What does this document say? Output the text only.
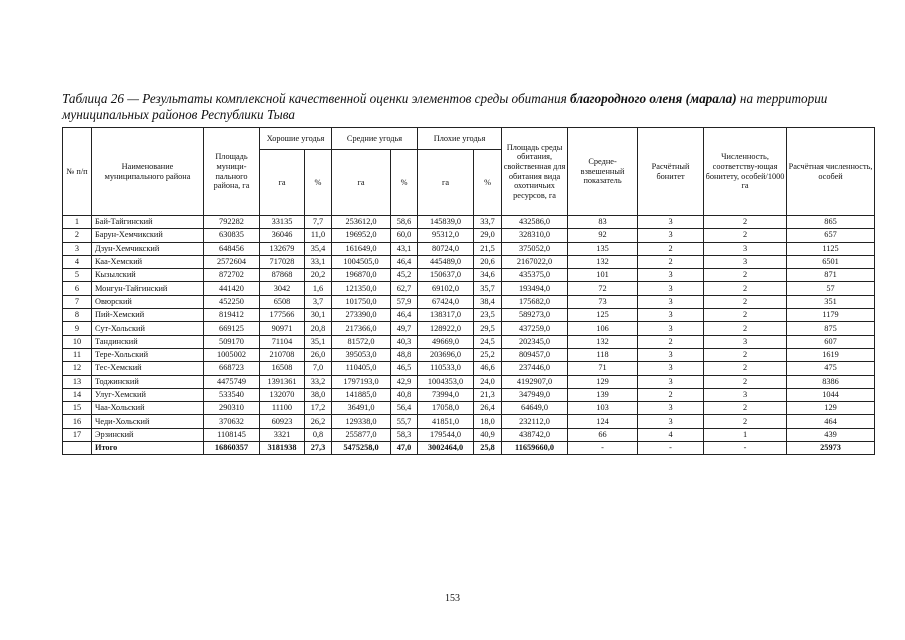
Таблица 26 — Результаты комплексной качественной оценки элементов среды обитания благородного оленя (марала) на территории муниципальных районов Республики Тыва
№ п/п	Наименование муниципального района	Площадь муници-пального района, га	Хорошие угодья		Средние угодья		Плохие угодья		Площадь среды обитания, свойственная для обитания вида охотничьих ресурсов, га	Средне-взвешенный показатель	Расчётный бонитет	Численность, соответству-ющая бонитету, особей/1000 га	Расчётная численность, особей
			га	%	га	%	га	%					
1	Бай-Тайгинский	792282	33135	7,7	253612,0	58,6	145839,0	33,7	432586,0	83	3	2	865
2	Барун-Хемчикский	630835	36046	11,0	196952,0	60,0	95312,0	29,0	328310,0	92	3	2	657
3	Дзун-Хемчикский	648456	132679	35,4	161649,0	43,1	80724,0	21,5	375052,0	135	2	3	1125
4	Каа-Хемский	2572604	717028	33,1	1004505,0	46,4	445489,0	20,6	2167022,0	132	2	3	6501
5	Кызылский	872702	87868	20,2	196870,0	45,2	150637,0	34,6	435375,0	101	3	2	871
6	Монгун-Тайгинский	441420	3042	1,6	121350,0	62,7	69102,0	35,7	193494,0	72	3	2	57
7	Овюрский	452250	6508	3,7	101750,0	57,9	67424,0	38,4	175682,0	73	3	2	351
8	Пий-Хемский	819412	177566	30,1	273390,0	46,4	138317,0	23,5	589273,0	125	3	2	1179
9	Сут-Хольский	669125	90971	20,8	217366,0	49,7	128922,0	29,5	437259,0	106	3	2	875
10	Тандинский	509170	71104	35,1	81572,0	40,3	49669,0	24,5	202345,0	132	2	3	607
11	Тере-Хольский	1005002	210708	26,0	395053,0	48,8	203696,0	25,2	809457,0	118	3	2	1619
12	Тес-Хемский	668723	16508	7,0	110405,0	46,5	110533,0	46,6	237446,0	71	3	2	475
13	Тоджинский	4475749	1391361	33,2	1797193,0	42,9	1004353,0	24,0	4192907,0	129	3	2	8386
14	Улуг-Хемский	533540	132070	38,0	141885,0	40,8	73994,0	21,3	347949,0	139	2	3	1044
15	Чаа-Хольский	290310	11100	17,2	36491,0	56,4	17058,0	26,4	64649,0	103	3	2	129
16	Чеди-Хольский	370632	60923	26,2	129338,0	55,7	41851,0	18,0	232112,0	124	3	2	464
17	Эрзинский	1108145	3321	0,8	255877,0	58,3	179544,0	40,9	438742,0	66	4	1	439
	Итого	16860357	3181938	27,3	5475258,0	47,0	3002464,0	25,8	11659660,0	-	-	-	25973
153
